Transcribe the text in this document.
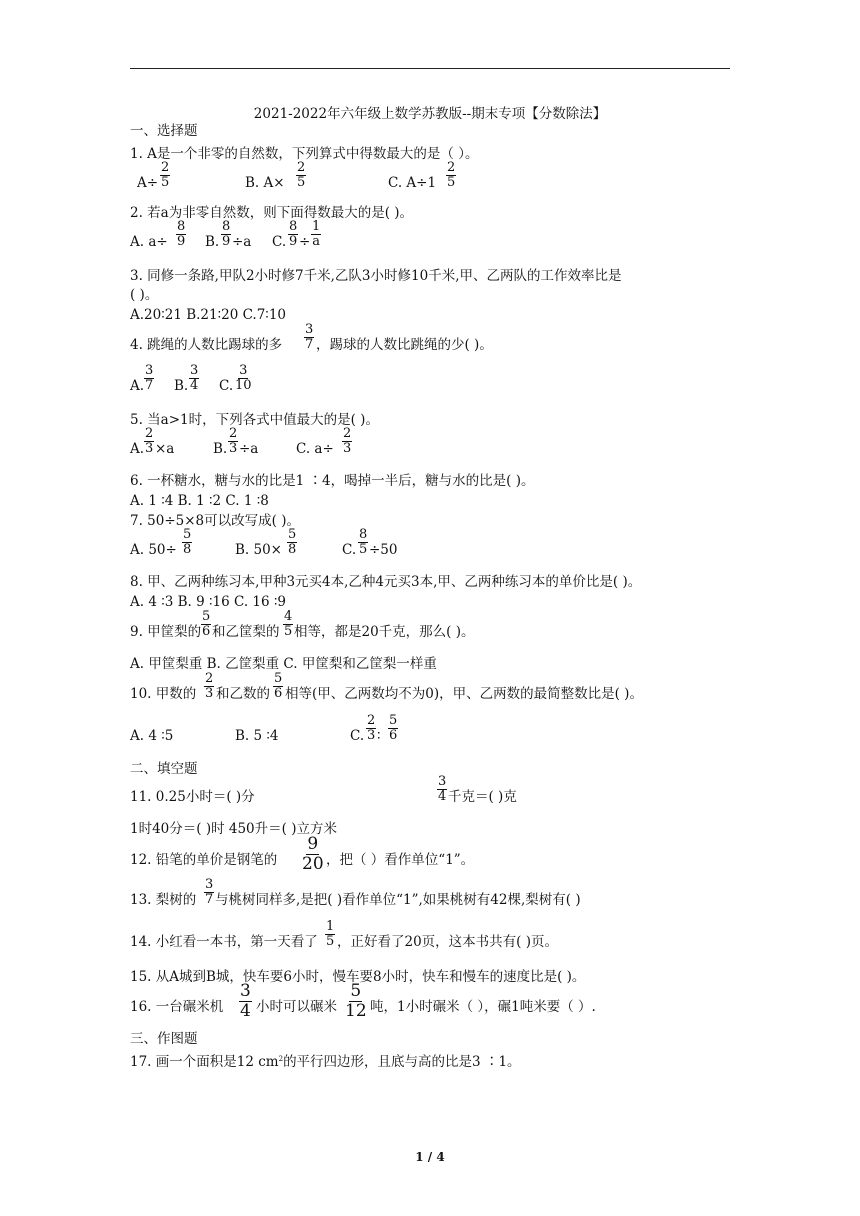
2021-2022年六年级上数学苏教版--期末专项【分数除法】
一、选择题
1. A是一个非零的自然数，下列算式中得数最大的是（ ）。
A÷
2
5	B. A×
2
5	C. A÷1
2
5
2. 若a为非零自然数，则下面得数最大的是( )。
A. a÷
8
9 B.
8
9 ÷a C.
8
9 ÷
1
a
3. 同修一条路,甲队2小时修7千米,乙队3小时修10千米,甲、乙两队的工作效率比是
( )。
A.20∶21 B.21∶20 C.7∶10
4. 跳绳的人数比踢球的多
3
7 ，踢球的人数比跳绳的少( )。
A.
3
7 B.
3
4 C.
3
10
5. 当a>1时，下列各式中值最大的是( )。
A.
2
3 ×a	B.
2
3 ÷a	C. a÷
2
3
6. 一杯糖水，糖与水的比是1 ∶4，喝掉一半后，糖与水的比是( )。
A. 1 ∶4 B. 1 ∶2 C. 1 ∶8
7. 50÷5×8可以改写成( )。
A. 50÷
5
8	B. 50×
5
8	C.
8
5 ÷50
8. 甲、乙两种练习本,甲种3元买4本,乙种4元买3本,甲、乙两种练习本的单价比是( )。
A. 4 ∶3 B. 9 ∶16 C. 16 ∶9
9. 甲筐梨的
5
6 和乙筐梨的
4
5 相等，都是20千克，那么( )。
A. 甲筐梨重 B. 乙筐梨重 C. 甲筐梨和乙筐梨一样重
10. 甲数的
2
3 和乙数的
5
6 相等(甲、乙两数均不为0)，甲、乙两数的最简整数比是( )。
A. 4 ∶5	B. 5 ∶4	C.
2
3 ∶
5
6
二、填空题
11. 0.25小时＝( )分
3
4 千克＝( )克
1时40分＝( )时 450升＝( )立方米
12. 铅笔的单价是钢笔的
9
20 ，把（ ）看作单位“1”。
13. 梨树的
3
7 与桃树同样多,是把( )看作单位“1”,如果桃树有42棵,梨树有( )
14. 小红看一本书，第一天看了
1
5 ，正好看了20页，这本书共有( )页。
15. 从A城到B城，快车要6小时，慢车要8小时，快车和慢车的速度比是( )。
16. 一台碾米机
3
4 小时可以碾米
5
12 吨，1小时碾米（ ），碾1吨米要（ ）.
三、作图题
17. 画一个面积是12 $cm^2$的平行四边形，且底与高的比是3 ∶1。
1 / 4
